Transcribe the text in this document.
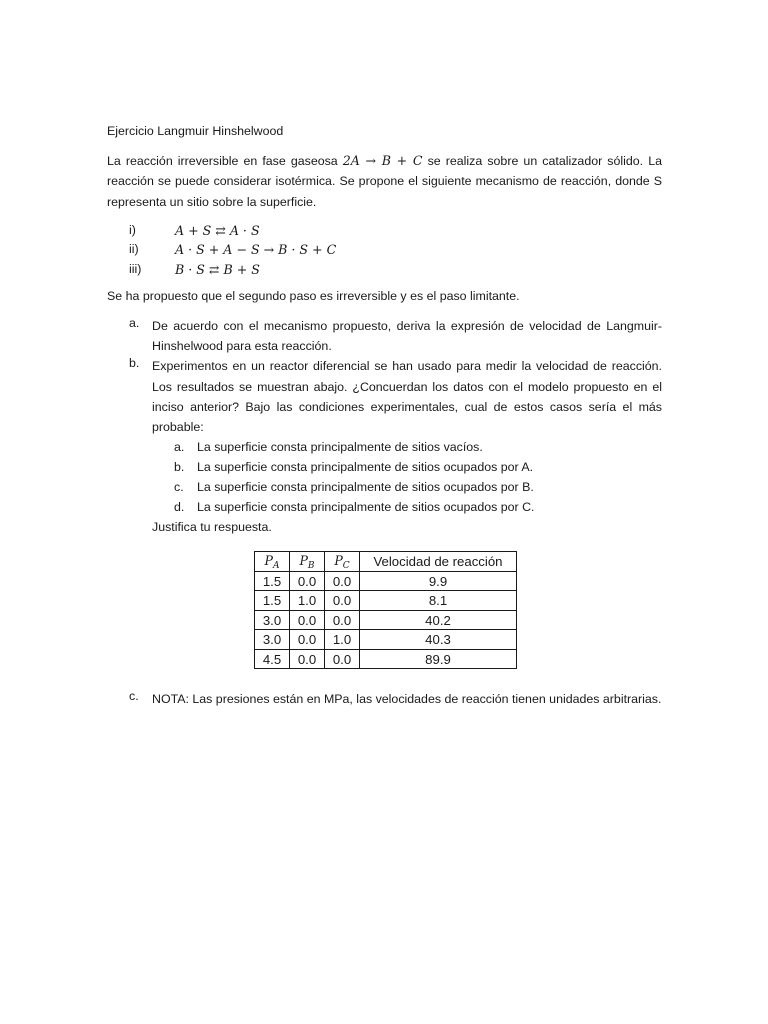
Ejercicio Langmuir Hinshelwood

La reacción irreversible en fase gaseosa 2A → B + C se realiza sobre un catalizador sólido. La reacción se puede considerar isotérmica. Se propone el siguiente mecanismo de reacción, donde S representa un sitio sobre la superficie.

i)	A + S ⇄ A · S
ii)	A · S + A − S → B · S + C
iii)	B · S ⇄ B + S

Se ha propuesto que el segundo paso es irreversible y es el paso limitante.

a.	De acuerdo con el mecanismo propuesto, deriva la expresión de velocidad de Langmuir-Hinshelwood para esta reacción.
b.	Experimentos en un reactor diferencial se han usado para medir la velocidad de reacción. Los resultados se muestran abajo. ¿Concuerdan los datos con el modelo propuesto en el inciso anterior? Bajo las condiciones experimentales, cual de estos casos sería el más probable:
a.	La superficie consta principalmente de sitios vacíos.
b.	La superficie consta principalmente de sitios ocupados por A.
c.	La superficie consta principalmente de sitios ocupados por B.
d.	La superficie consta principalmente de sitios ocupados por C.
Justifica tu respuesta.
$P_A$	$P_B$	$P_C$	Velocidad de reacción
1.5	0.0	0.0	9.9
1.5	1.0	0.0	8.1
3.0	0.0	0.0	40.2
3.0	0.0	1.0	40.3
4.5	0.0	0.0	89.9
c.	NOTA: Las presiones están en MPa, las velocidades de reacción tienen unidades arbitrarias.
